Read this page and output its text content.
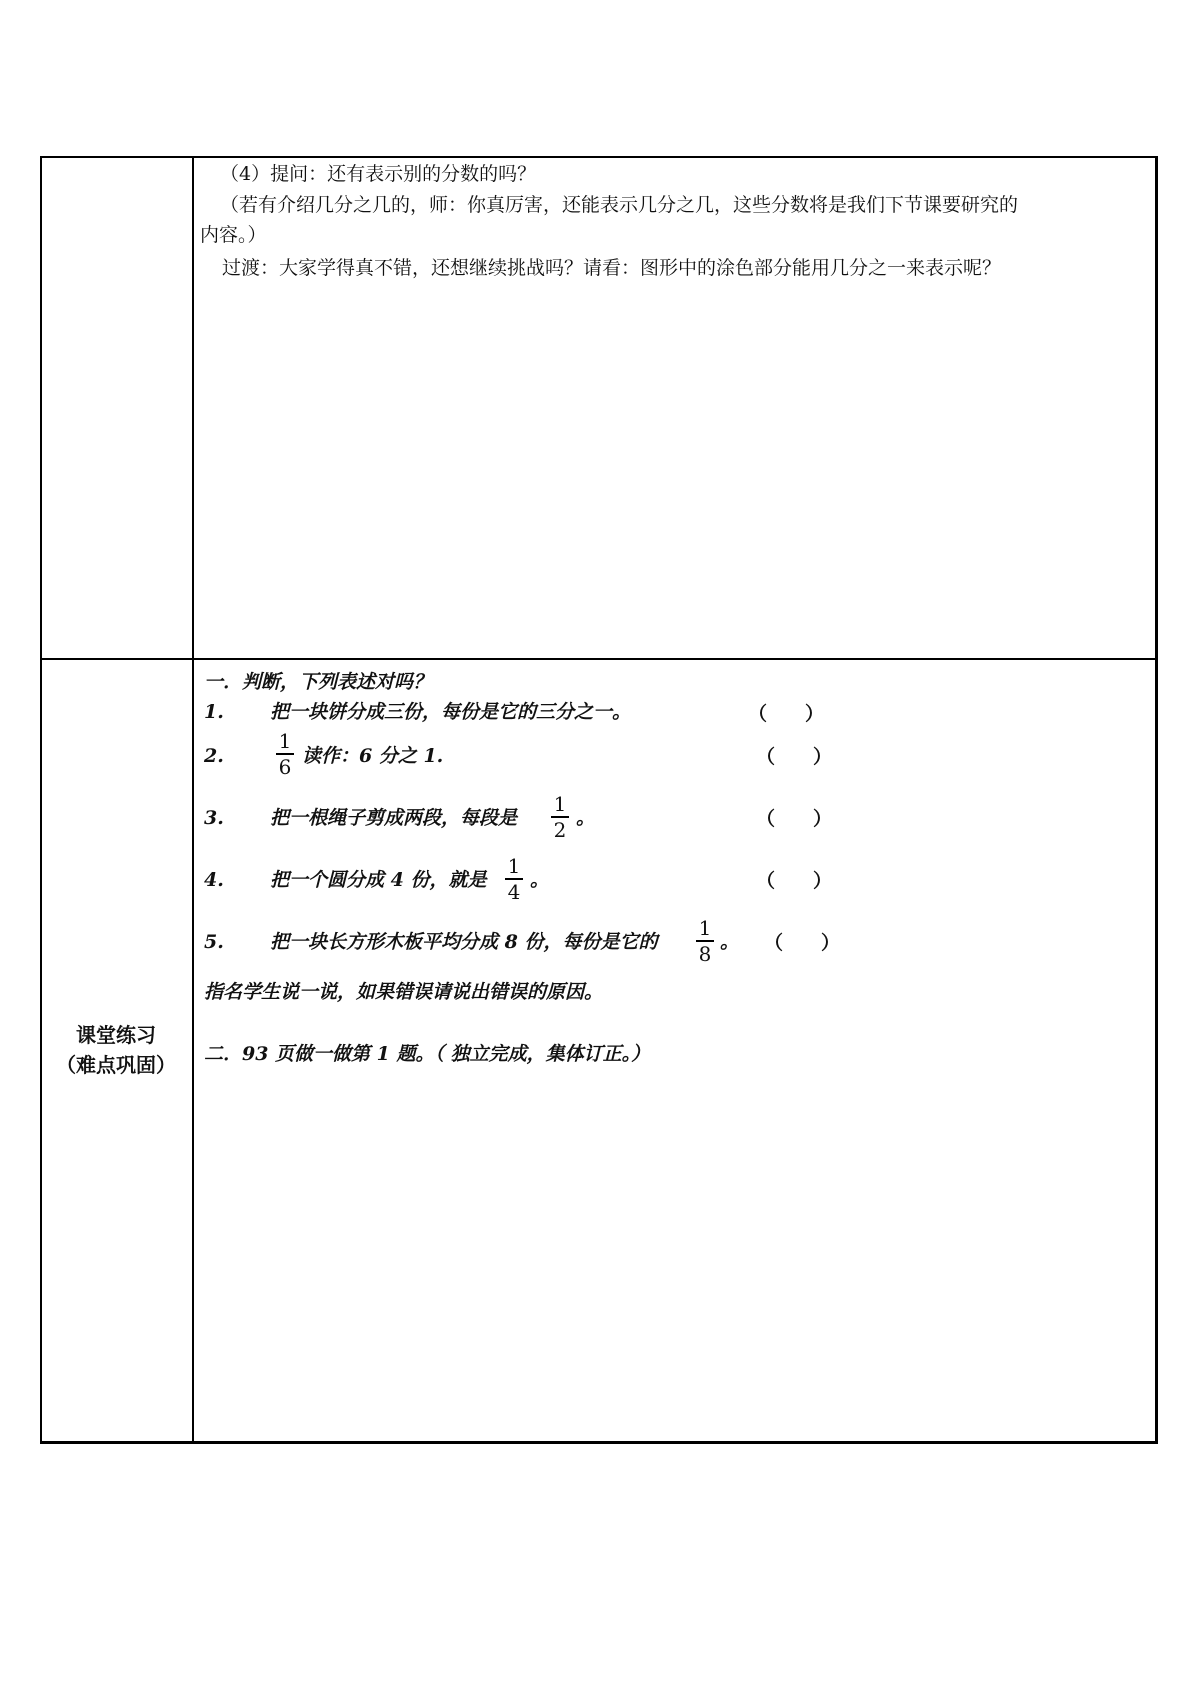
（4）提问：还有表示别的分数的吗？
（若有介绍几分之几的，师：你真厉害，还能表示几分之几，这些分数将是我们下节课要研究的
内容。）
过渡：大家学得真不错，还想继续挑战吗？请看：图形中的涂色部分能用几分之一来表示呢？
课堂练习
（难点巩固）
一．判断，下列表述对吗？
1. 把一块饼分成三份，每份是它的三分之一。	（　　）
2.
1
6 读作：6 分之 1.	（　　）
3. 把一根绳子剪成两段，每段是
1
2 。	（　　）
4. 把一个圆分成 4 份，就是
1
4 。	（　　）
5. 把一块长方形木板平均分成 8 份，每份是它的
1
8 。 （　　）
指名学生说一说，如果错误请说出错误的原因。
二．93 页做一做第 1 题。（ 独立完成，集体订正。）
